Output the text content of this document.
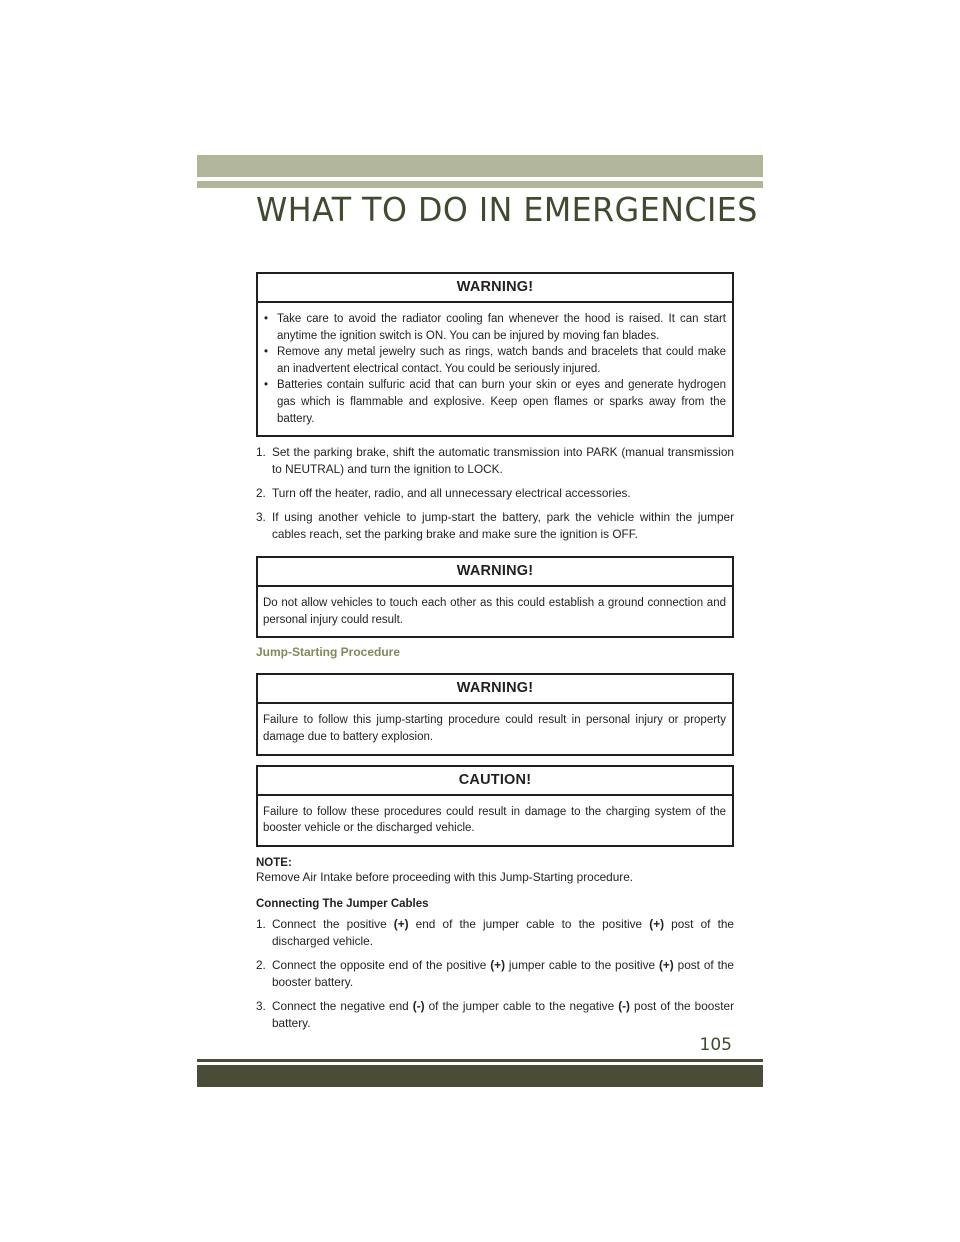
WHAT TO DO IN EMERGENCIES
WARNING!
• Take care to avoid the radiator cooling fan whenever the hood is raised. It can start anytime the ignition switch is ON. You can be injured by moving fan blades.
• Remove any metal jewelry such as rings, watch bands and bracelets that could make an inadvertent electrical contact. You could be seriously injured.
• Batteries contain sulfuric acid that can burn your skin or eyes and generate hydrogen gas which is flammable and explosive. Keep open flames or sparks away from the battery.
1. Set the parking brake, shift the automatic transmission into PARK (manual transmission to NEUTRAL) and turn the ignition to LOCK.
2. Turn off the heater, radio, and all unnecessary electrical accessories.
3. If using another vehicle to jump-start the battery, park the vehicle within the jumper cables reach, set the parking brake and make sure the ignition is OFF.
WARNING!
Do not allow vehicles to touch each other as this could establish a ground connection and personal injury could result.
Jump-Starting Procedure
WARNING!
Failure to follow this jump-starting procedure could result in personal injury or property damage due to battery explosion.
CAUTION!
Failure to follow these procedures could result in damage to the charging system of the booster vehicle or the discharged vehicle.
NOTE:
Remove Air Intake before proceeding with this Jump-Starting procedure.
Connecting The Jumper Cables
1. Connect the positive (+) end of the jumper cable to the positive (+) post of the discharged vehicle.
2. Connect the opposite end of the positive (+) jumper cable to the positive (+) post of the booster battery.
3. Connect the negative end (-) of the jumper cable to the negative (-) post of the booster battery.
105
